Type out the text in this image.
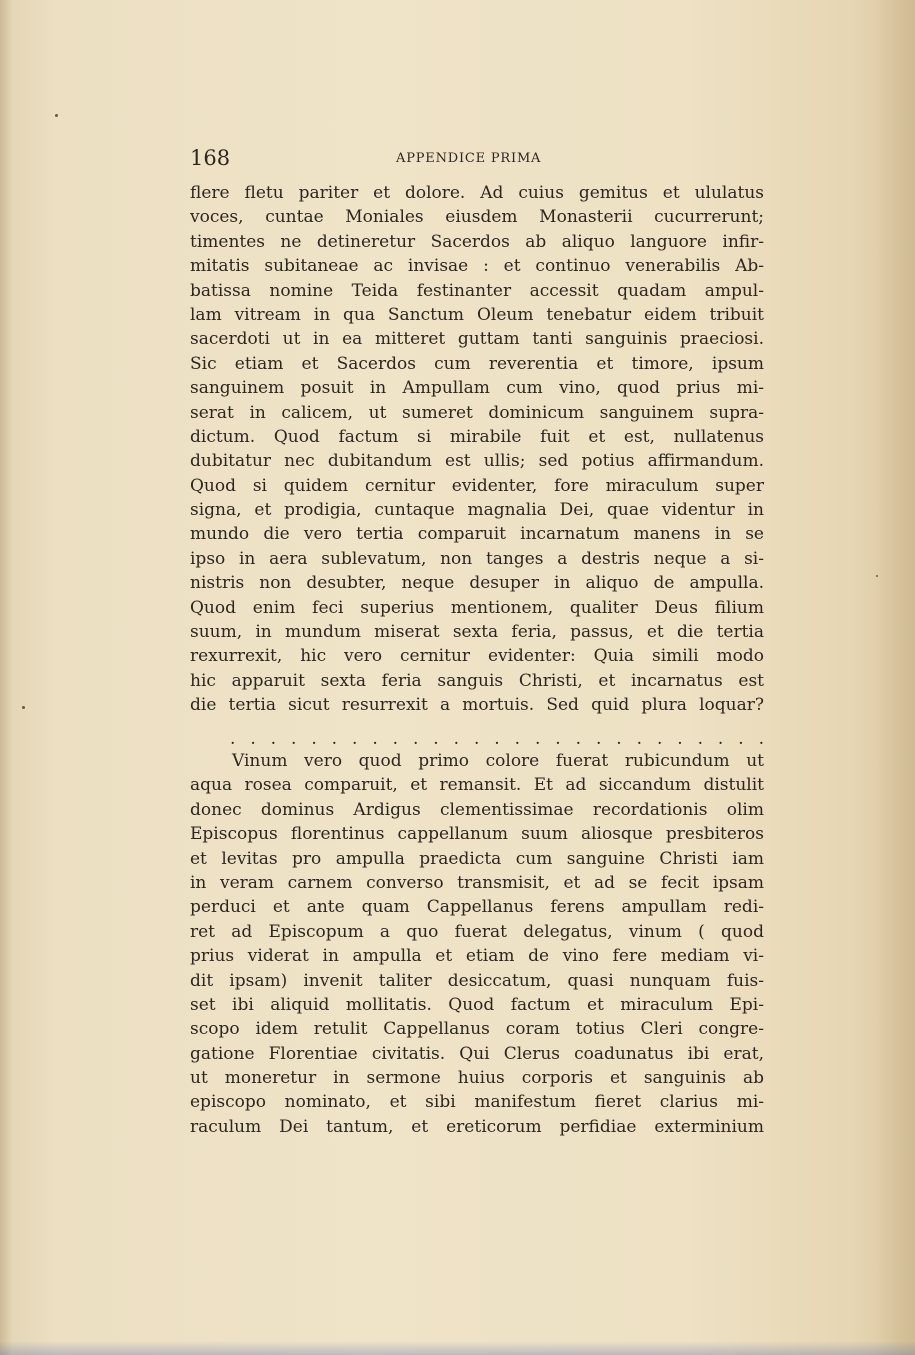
168	APPENDICE PRIMA
flere fletu pariter et dolore. Ad cuius gemitus et ululatus
voces, cuntae Moniales eiusdem Monasterii cucurrerunt;
timentes ne detineretur Sacerdos ab aliquo languore infir-
mitatis subitaneae ac invisae : et continuo venerabilis Ab-
batissa nomine Teida festinanter accessit quadam ampul-
lam vitream in qua Sanctum Oleum tenebatur eidem tribuit
sacerdoti ut in ea mitteret guttam tanti sanguinis praeciosi.
Sic etiam et Sacerdos cum reverentia et timore, ipsum
sanguinem posuit in Ampullam cum vino, quod prius mi-
serat in calicem, ut sumeret dominicum sanguinem supra-
dictum. Quod factum si mirabile fuit et est, nullatenus
dubitatur nec dubitandum est ullis; sed potius affirmandum.
Quod si quidem cernitur evidenter, fore miraculum super
signa, et prodigia, cuntaque magnalia Dei, quae videntur in
mundo die vero tertia comparuit incarnatum manens in se
ipso in aera sublevatum, non tanges a destris neque a si-
nistris non desubter, neque desuper in aliquo de ampulla.
Quod enim feci superius mentionem, qualiter Deus filium
suum, in mundum miserat sexta feria, passus, et die tertia
rexurrexit, hic vero cernitur evidenter: Quia simili modo
hic apparuit sexta feria sanguis Christi, et incarnatus est
die tertia sicut resurrexit a mortuis. Sed quid plura loquar?
. . . . . . . . . . . . . . . . . . . . . . . . . . .
Vinum vero quod primo colore fuerat rubicundum ut
aqua rosea comparuit, et remansit. Et ad siccandum distulit
donec dominus Ardigus clementissimae recordationis olim
Episcopus florentinus cappellanum suum aliosque presbiteros
et levitas pro ampulla praedicta cum sanguine Christi iam
in veram carnem converso transmisit, et ad se fecit ipsam
perduci et ante quam Cappellanus ferens ampullam redi-
ret ad Episcopum a quo fuerat delegatus, vinum ( quod
prius viderat in ampulla et etiam de vino fere mediam vi-
dit ipsam) invenit taliter desiccatum, quasi nunquam fuis-
set ibi aliquid mollitatis. Quod factum et miraculum Epi-
scopo idem retulit Cappellanus coram totius Cleri congre-
gatione Florentiae civitatis. Qui Clerus coadunatus ibi erat,
ut moneretur in sermone huius corporis et sanguinis ab
episcopo nominato, et sibi manifestum fieret clarius mi-
raculum Dei tantum, et ereticorum perfidiae exterminium
